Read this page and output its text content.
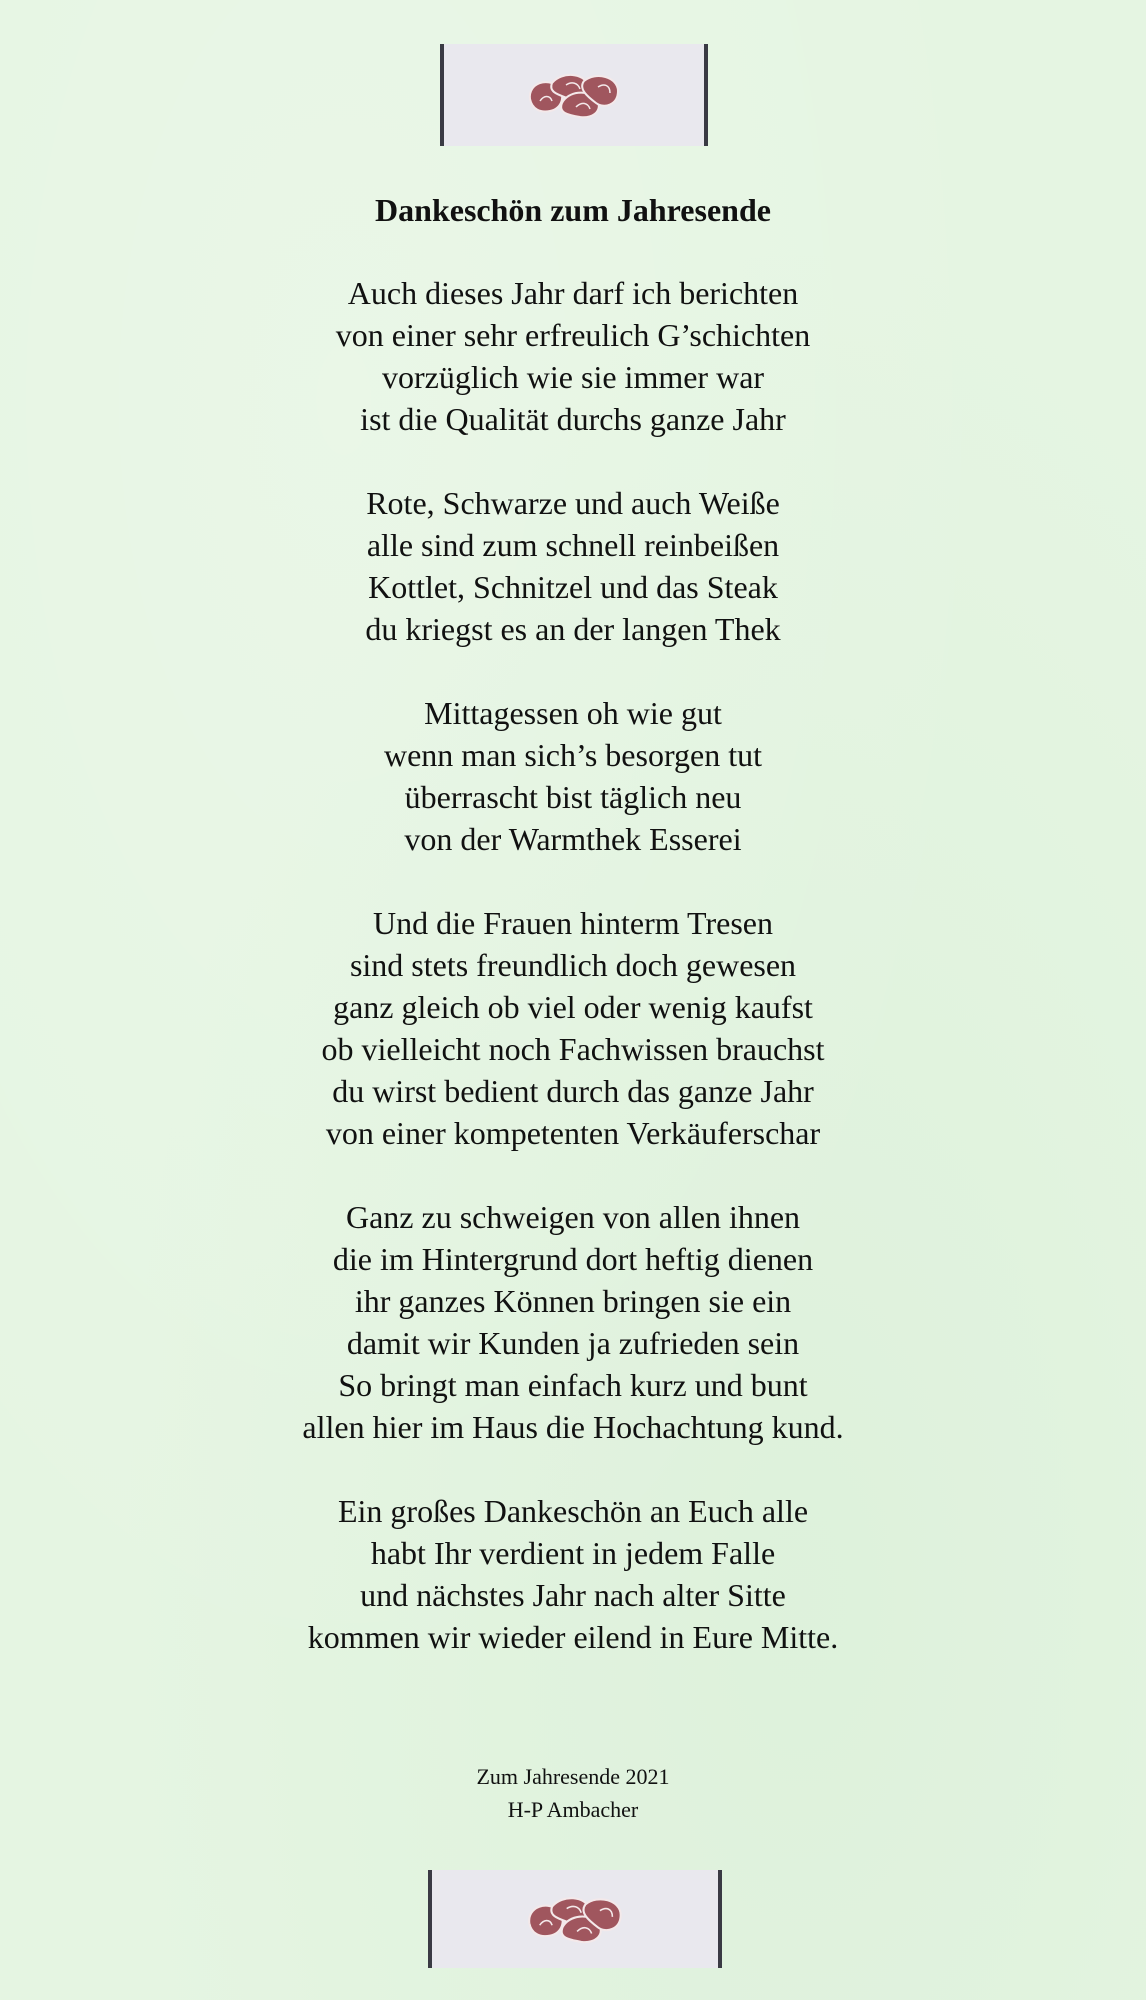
Dankeschön zum Jahresende
Auch dieses Jahr darf ich berichten
von einer sehr erfreulich G’schichten
vorzüglich wie sie immer war
ist die Qualität durchs ganze Jahr
Rote, Schwarze und auch Weiße
alle sind zum schnell reinbeißen
Kottlet, Schnitzel und das Steak
du kriegst es an der langen Thek
Mittagessen oh wie gut
wenn man sich’s besorgen tut
überrascht bist täglich neu
von der Warmthek Esserei
Und die Frauen hinterm Tresen
sind stets freundlich doch gewesen
ganz gleich ob viel oder wenig kaufst
ob vielleicht noch Fachwissen brauchst
du wirst bedient durch das ganze Jahr
von einer kompetenten Verkäuferschar
Ganz zu schweigen von allen ihnen
die im Hintergrund dort heftig dienen
ihr ganzes Können bringen sie ein
damit wir Kunden ja zufrieden sein
So bringt man einfach kurz und bunt
allen hier im Haus die Hochachtung kund.
Ein großes Dankeschön an Euch alle
habt Ihr verdient in jedem Falle
und nächstes Jahr nach alter Sitte
kommen wir wieder eilend in Eure Mitte.
Zum Jahresende 2021
H-P Ambacher
